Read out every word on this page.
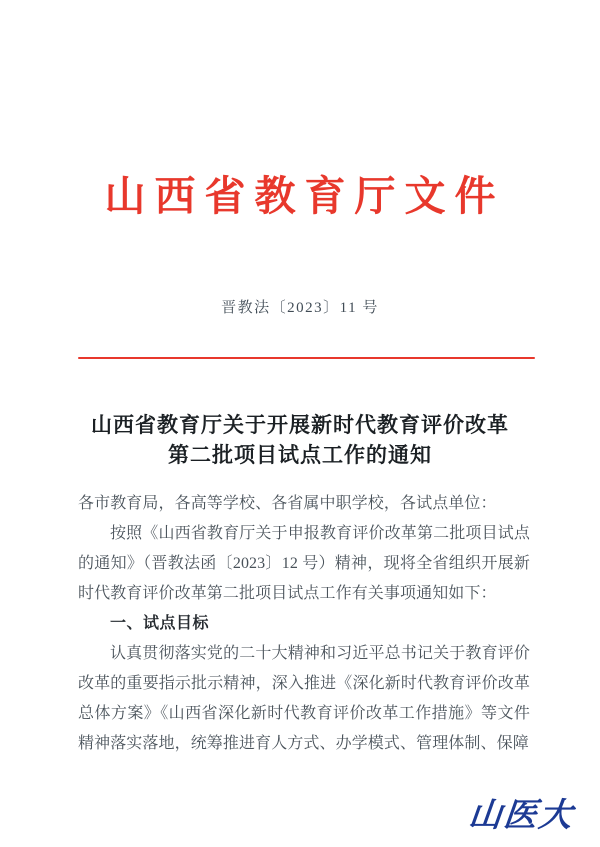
山西省教育厅文件
晋教法〔2023〕11 号
山西省教育厅关于开展新时代教育评价改革
第二批项目试点工作的通知

各市教育局，各高等学校、各省属中职学校，各试点单位：

按照《山西省教育厅关于申报教育评价改革第二批项目试点的通知》（晋教法函〔2023〕12 号）精神，现将全省组织开展新时代教育评价改革第二批项目试点工作有关事项通知如下：

一、试点目标

认真贯彻落实党的二十大精神和习近平总书记关于教育评价改革的重要指示批示精神，深入推进《深化新时代教育评价改革总体方案》《山西省深化新时代教育评价改革工作措施》等文件精神落实落地，统筹推进育人方式、办学模式、管理体制、保障

山医大
